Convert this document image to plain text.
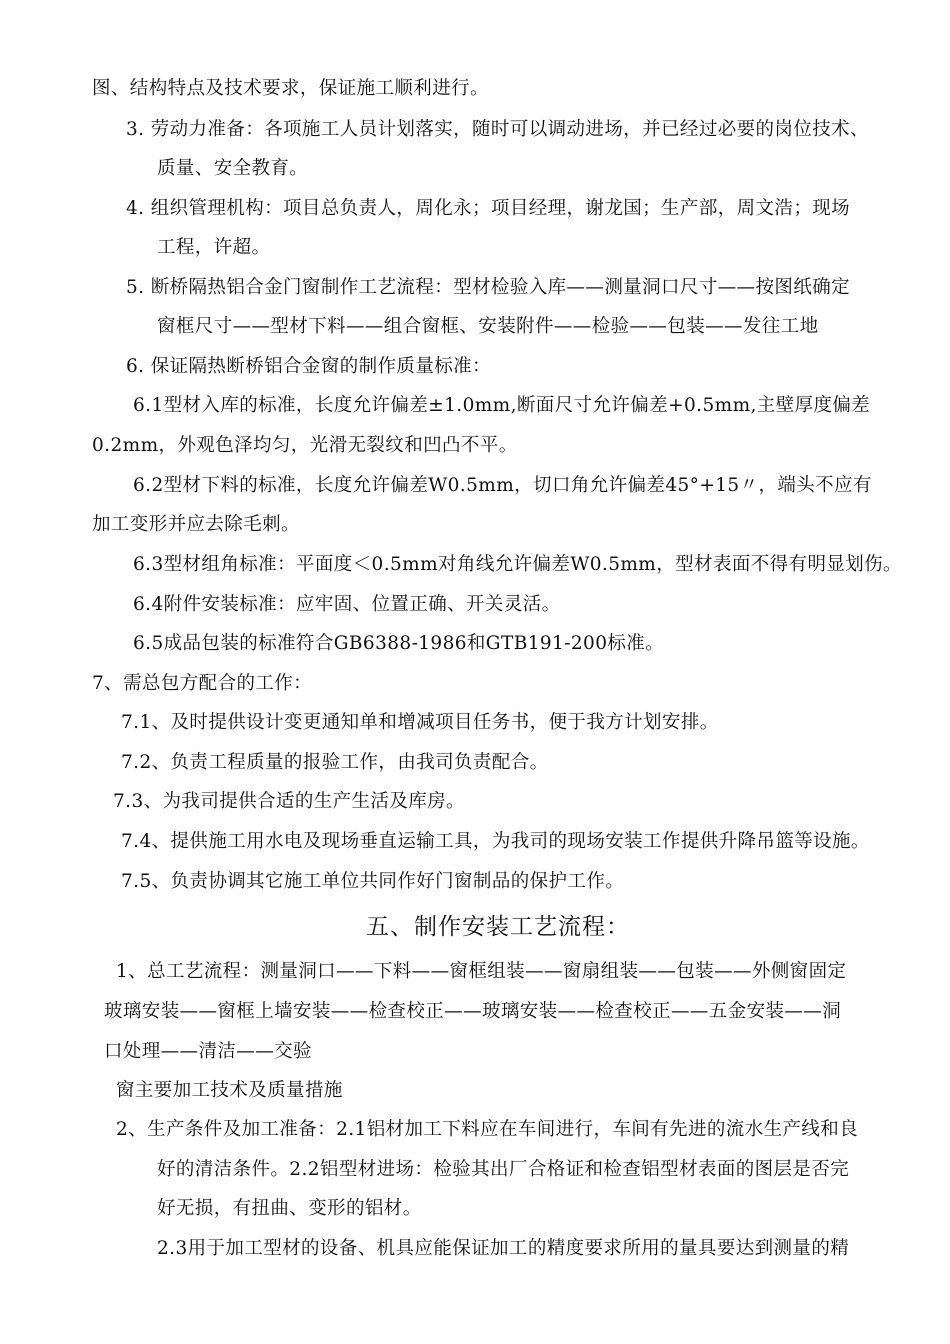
图、结构特点及技术要求，保证施工顺利进行。
3. 劳动力准备：各项施工人员计划落实，随时可以调动进场，并已经过必要的岗位技术、
质量、安全教育。
4. 组织管理机构：项目总负责人，周化永；项目经理，谢龙国；生产部，周文浩；现场
工程，许超。
5. 断桥隔热铝合金门窗制作工艺流程：型材检验入库——测量洞口尺寸——按图纸确定
窗框尺寸——型材下料——组合窗框、安装附件——检验——包装——发往工地
6. 保证隔热断桥铝合金窗的制作质量标准：
6.1型材入库的标准，长度允许偏差±1.0mm,断面尺寸允许偏差+0.5mm,主壁厚度偏差
0.2mm，外观色泽均匀，光滑无裂纹和凹凸不平。
6.2型材下料的标准，长度允许偏差W0.5mm，切口角允许偏差45°+15〃，端头不应有
加工变形并应去除毛刺。
6.3型材组角标准：平面度＜0.5mm对角线允许偏差W0.5mm，型材表面不得有明显划伤。
6.4附件安装标准：应牢固、位置正确、开关灵活。
6.5成品包装的标准符合GB6388-1986和GTB191-200标准。
7、需总包方配合的工作：
7.1、及时提供设计变更通知单和增减项目任务书，便于我方计划安排。
7.2、负责工程质量的报验工作，由我司负责配合。
7.3、为我司提供合适的生产生活及库房。
7.4、提供施工用水电及现场垂直运输工具，为我司的现场安装工作提供升降吊篮等设施。
7.5、负责协调其它施工单位共同作好门窗制品的保护工作。
五、制作安装工艺流程：
1、总工艺流程：测量洞口——下料——窗框组装——窗扇组装——包装——外侧窗固定
玻璃安装——窗框上墙安装——检查校正——玻璃安装——检查校正——五金安装——洞
口处理——清洁——交验
窗主要加工技术及质量措施
2、生产条件及加工准备：2.1铝材加工下料应在车间进行，车间有先进的流水生产线和良
好的清洁条件。2.2铝型材进场：检验其出厂合格证和检查铝型材表面的图层是否完
好无损，有扭曲、变形的铝材。
2.3用于加工型材的设备、机具应能保证加工的精度要求所用的量具要达到测量的精
